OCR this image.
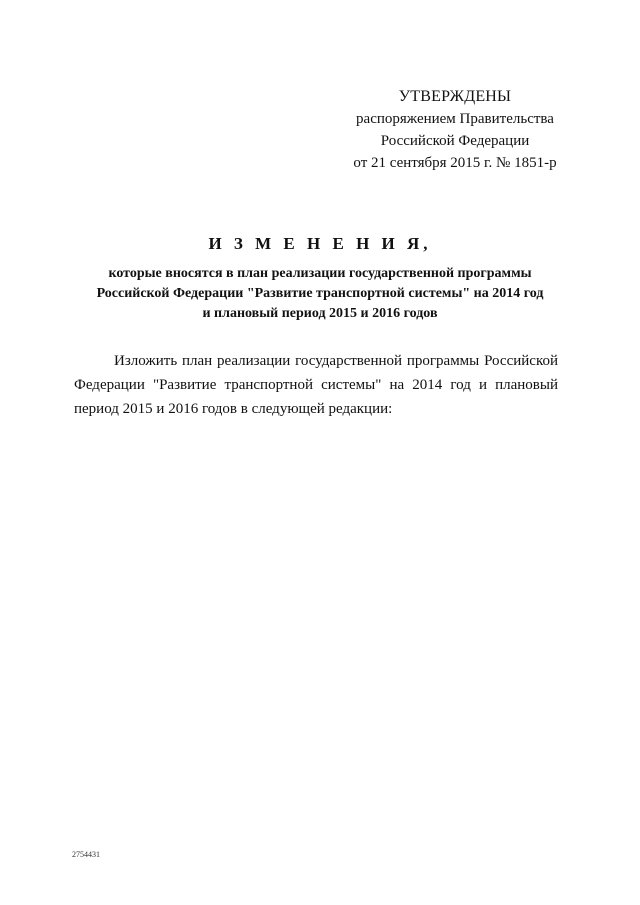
УТВЕРЖДЕНЫ
распоряжением Правительства
Российской Федерации
от 21 сентября 2015 г. № 1851-р
И З М Е Н Е Н И Я,
которые вносятся в план реализации государственной программы
Российской Федерации "Развитие транспортной системы" на 2014 год
и плановый период 2015 и 2016 годов

Изложить план реализации государственной программы Российской Федерации "Развитие транспортной системы" на 2014 год и плановый период 2015 и 2016 годов в следующей редакции:

2754431
